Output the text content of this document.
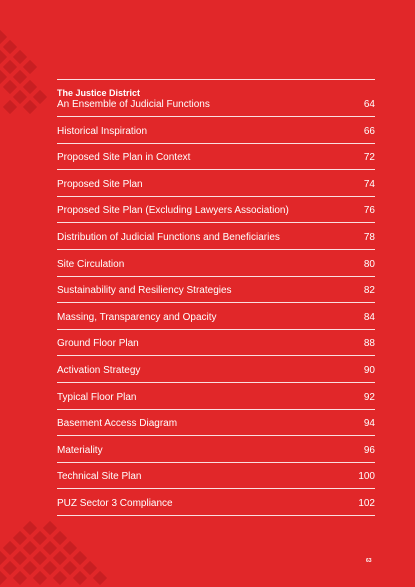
The Justice District
An Ensemble of Judicial Functions	64
Historical Inspiration	66
Proposed Site Plan in Context	72
Proposed Site Plan	74
Proposed Site Plan (Excluding Lawyers Association)	76
Distribution of Judicial Functions and Beneficiaries	78
Site Circulation	80
Sustainability and Resiliency Strategies	82
Massing, Transparency and Opacity	84
Ground Floor Plan	88
Activation Strategy	90
Typical Floor Plan	92
Basement Access Diagram	94
Materiality	96
Technical Site Plan	100
PUZ Sector 3 Compliance	102
63
